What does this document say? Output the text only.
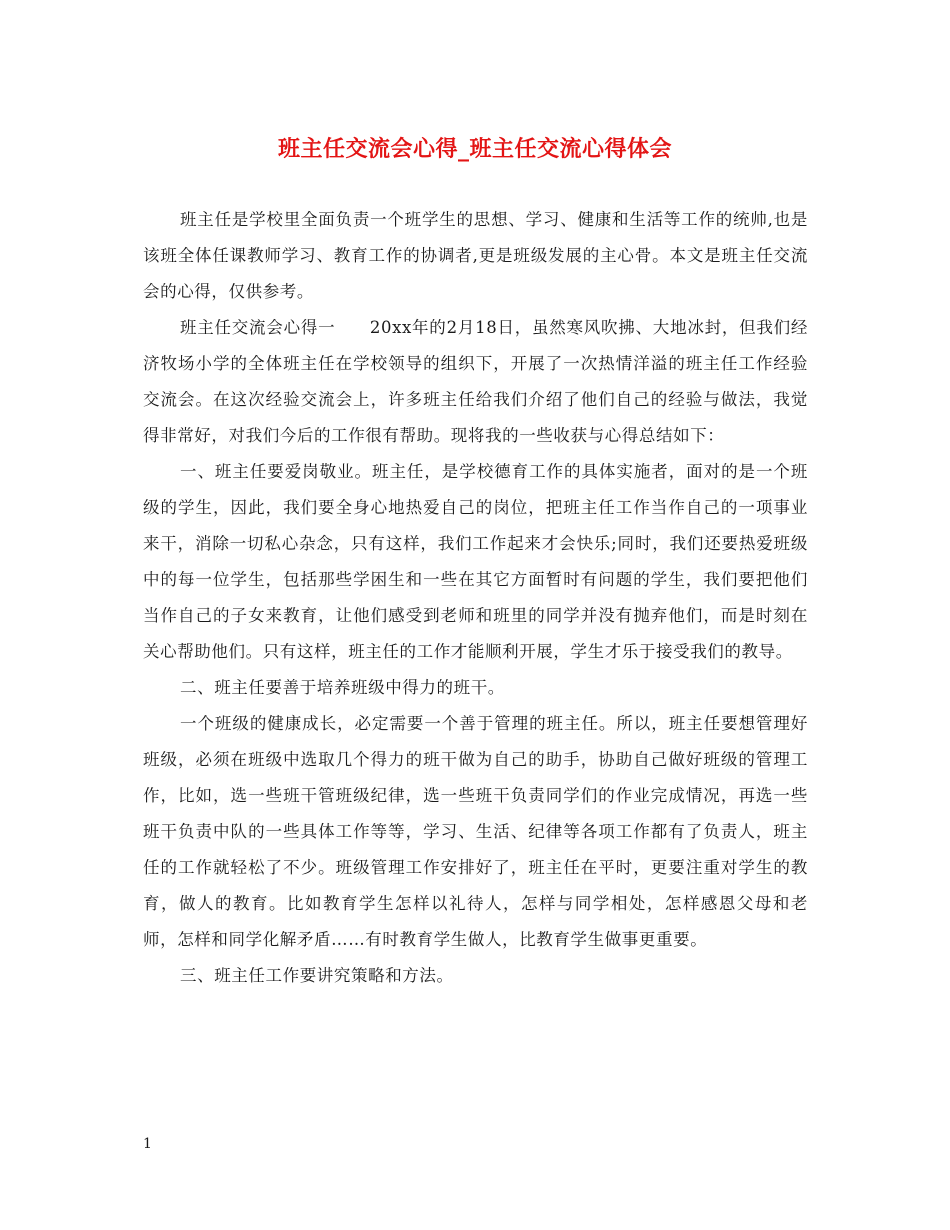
班主任交流会心得_班主任交流心得体会

班主任是学校里全面负责一个班学生的思想、学习、健康和生活等工作的统帅,也是该班全体任课教师学习、教育工作的协调者,更是班级发展的主心骨。本文是班主任交流会的心得，仅供参考。

班主任交流会心得一　　20xx年的2月18日，虽然寒风吹拂、大地冰封，但我们经济牧场小学的全体班主任在学校领导的组织下，开展了一次热情洋溢的班主任工作经验交流会。在这次经验交流会上，许多班主任给我们介绍了他们自己的经验与做法，我觉得非常好，对我们今后的工作很有帮助。现将我的一些收获与心得总结如下：

一、班主任要爱岗敬业。班主任，是学校德育工作的具体实施者，面对的是一个班级的学生，因此，我们要全身心地热爱自己的岗位，把班主任工作当作自己的一项事业来干，消除一切私心杂念，只有这样，我们工作起来才会快乐;同时，我们还要热爱班级中的每一位学生，包括那些学困生和一些在其它方面暂时有问题的学生，我们要把他们当作自己的子女来教育，让他们感受到老师和班里的同学并没有抛弃他们，而是时刻在关心帮助他们。只有这样，班主任的工作才能顺利开展，学生才乐于接受我们的教导。

二、班主任要善于培养班级中得力的班干。

一个班级的健康成长，必定需要一个善于管理的班主任。所以，班主任要想管理好班级，必须在班级中选取几个得力的班干做为自己的助手，协助自己做好班级的管理工作，比如，选一些班干管班级纪律，选一些班干负责同学们的作业完成情况，再选一些班干负责中队的一些具体工作等等，学习、生活、纪律等各项工作都有了负责人，班主任的工作就轻松了不少。班级管理工作安排好了，班主任在平时，更要注重对学生的教育，做人的教育。比如教育学生怎样以礼待人，怎样与同学相处，怎样感恩父母和老师，怎样和同学化解矛盾……有时教育学生做人，比教育学生做事更重要。

三、班主任工作要讲究策略和方法。

1
